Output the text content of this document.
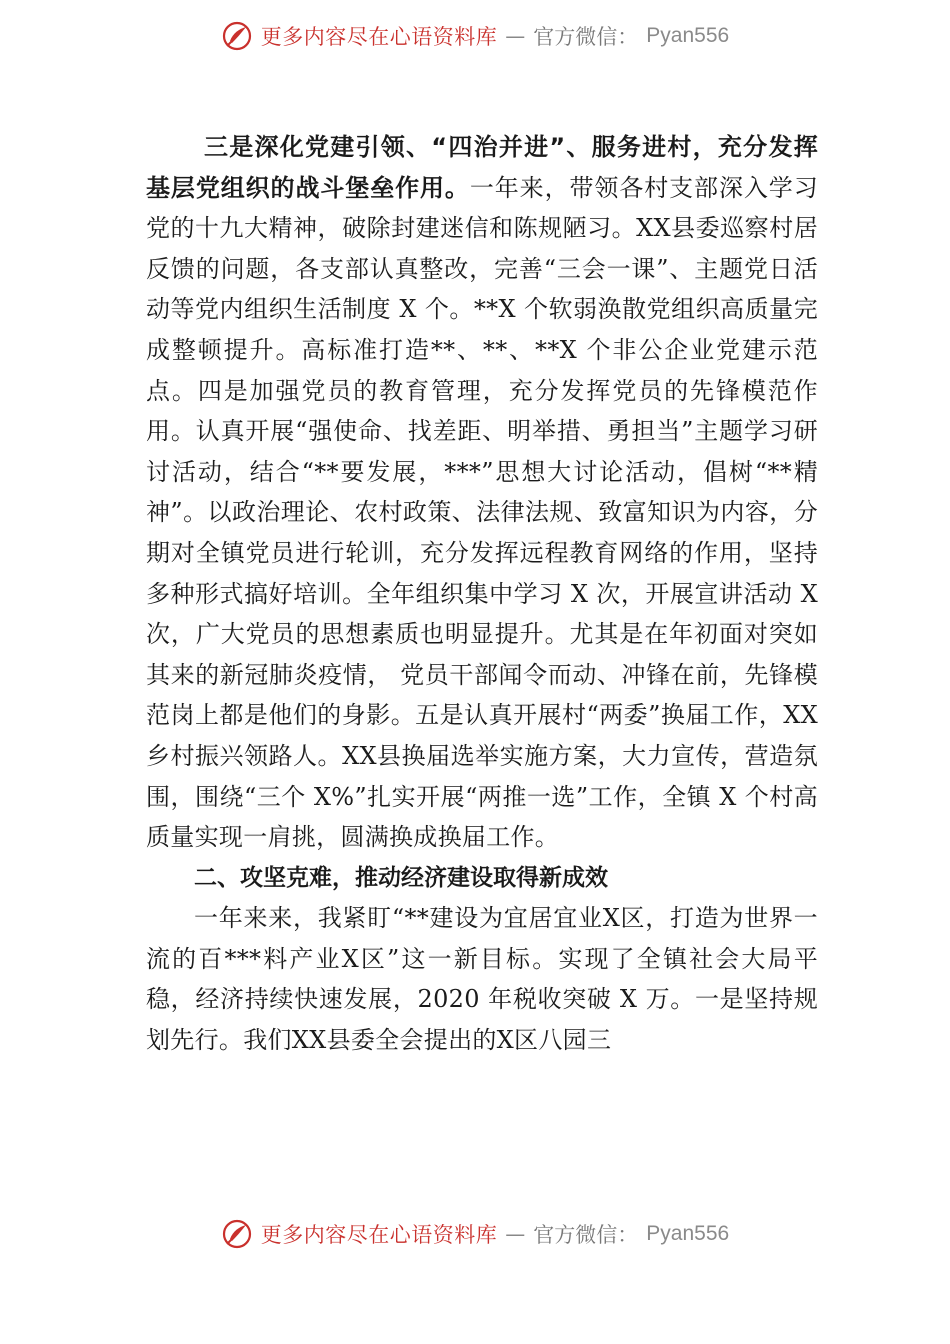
更多内容尽在心语资料库 — 官方微信： Pyan556

三是深化党建引领、“四治并进”、服务进村，充分发挥基层党组织的战斗堡垒作用。一年来，带领各村支部深入学习党的十九大精神，破除封建迷信和陈规陋习。XX县委巡察村居反馈的问题，各支部认真整改，完善“三会一课”、主题党日活动等党内组织生活制度 X 个。**X 个软弱涣散党组织高质量完成整顿提升。高标准打造**、**、**X 个非公企业党建示范点。四是加强党员的教育管理，充分发挥党员的先锋模范作用。认真开展“强使命、找差距、明举措、勇担当”主题学习研讨活动，结合“**要发展，***”思想大讨论活动，倡树“**精神”。以政治理论、农村政策、法律法规、致富知识为内容，分期对全镇党员进行轮训，充分发挥远程教育网络的作用，坚持多种形式搞好培训。全年组织集中学习 X 次，开展宣讲活动 X 次，广大党员的思想素质也明显提升。尤其是在年初面对突如其来的新冠肺炎疫情， 党员干部闻令而动、冲锋在前，先锋模范岗上都是他们的身影。五是认真开展村“两委”换届工作，XX乡村振兴领路人。XX县换届选举实施方案，大力宣传，营造氛围，围绕“三个 X%”扎实开展“两推一选”工作，全镇 X 个村高质量实现一肩挑，圆满换成换届工作。

二、攻坚克难，推动经济建设取得新成效

一年来来，我紧盯“**建设为宜居宜业X区，打造为世界一流的百***料产业X区”这一新目标。实现了全镇社会大局平稳，经济持续快速发展，2020 年税收突破 X 万。一是坚持规划先行。我们XX县委全会提出的X区八园三

更多内容尽在心语资料库 — 官方微信： Pyan556
